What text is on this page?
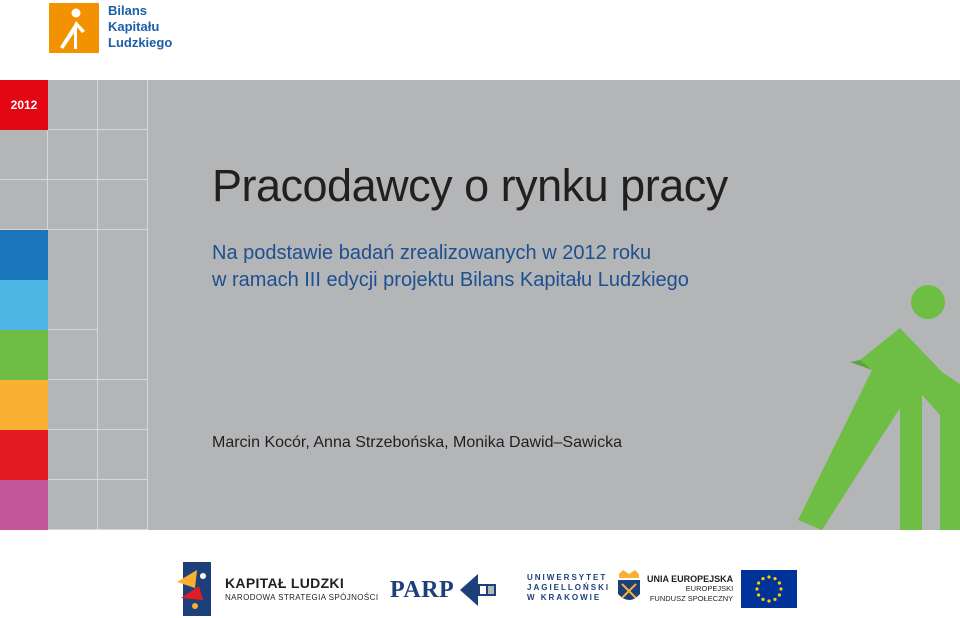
Bilans
Kapitału
Ludzkiego
2012
Pracodawcy o rynku pracy
Na podstawie badań zrealizowanych w 2012 roku
w ramach III edycji projektu Bilans Kapitału Ludzkiego
Marcin Kocór, Anna Strzebońska, Monika Dawid–Sawicka
KAPITAŁ LUDZKI
NARODOWA STRATEGIA SPÓJNOŚCI PARP	UNIWERSYTET
JAGIELLOŃSKI
W KRAKOWIE
UNIA EUROPEJSKA
EUROPEJSKI
FUNDUSZ SPOŁECZNY
